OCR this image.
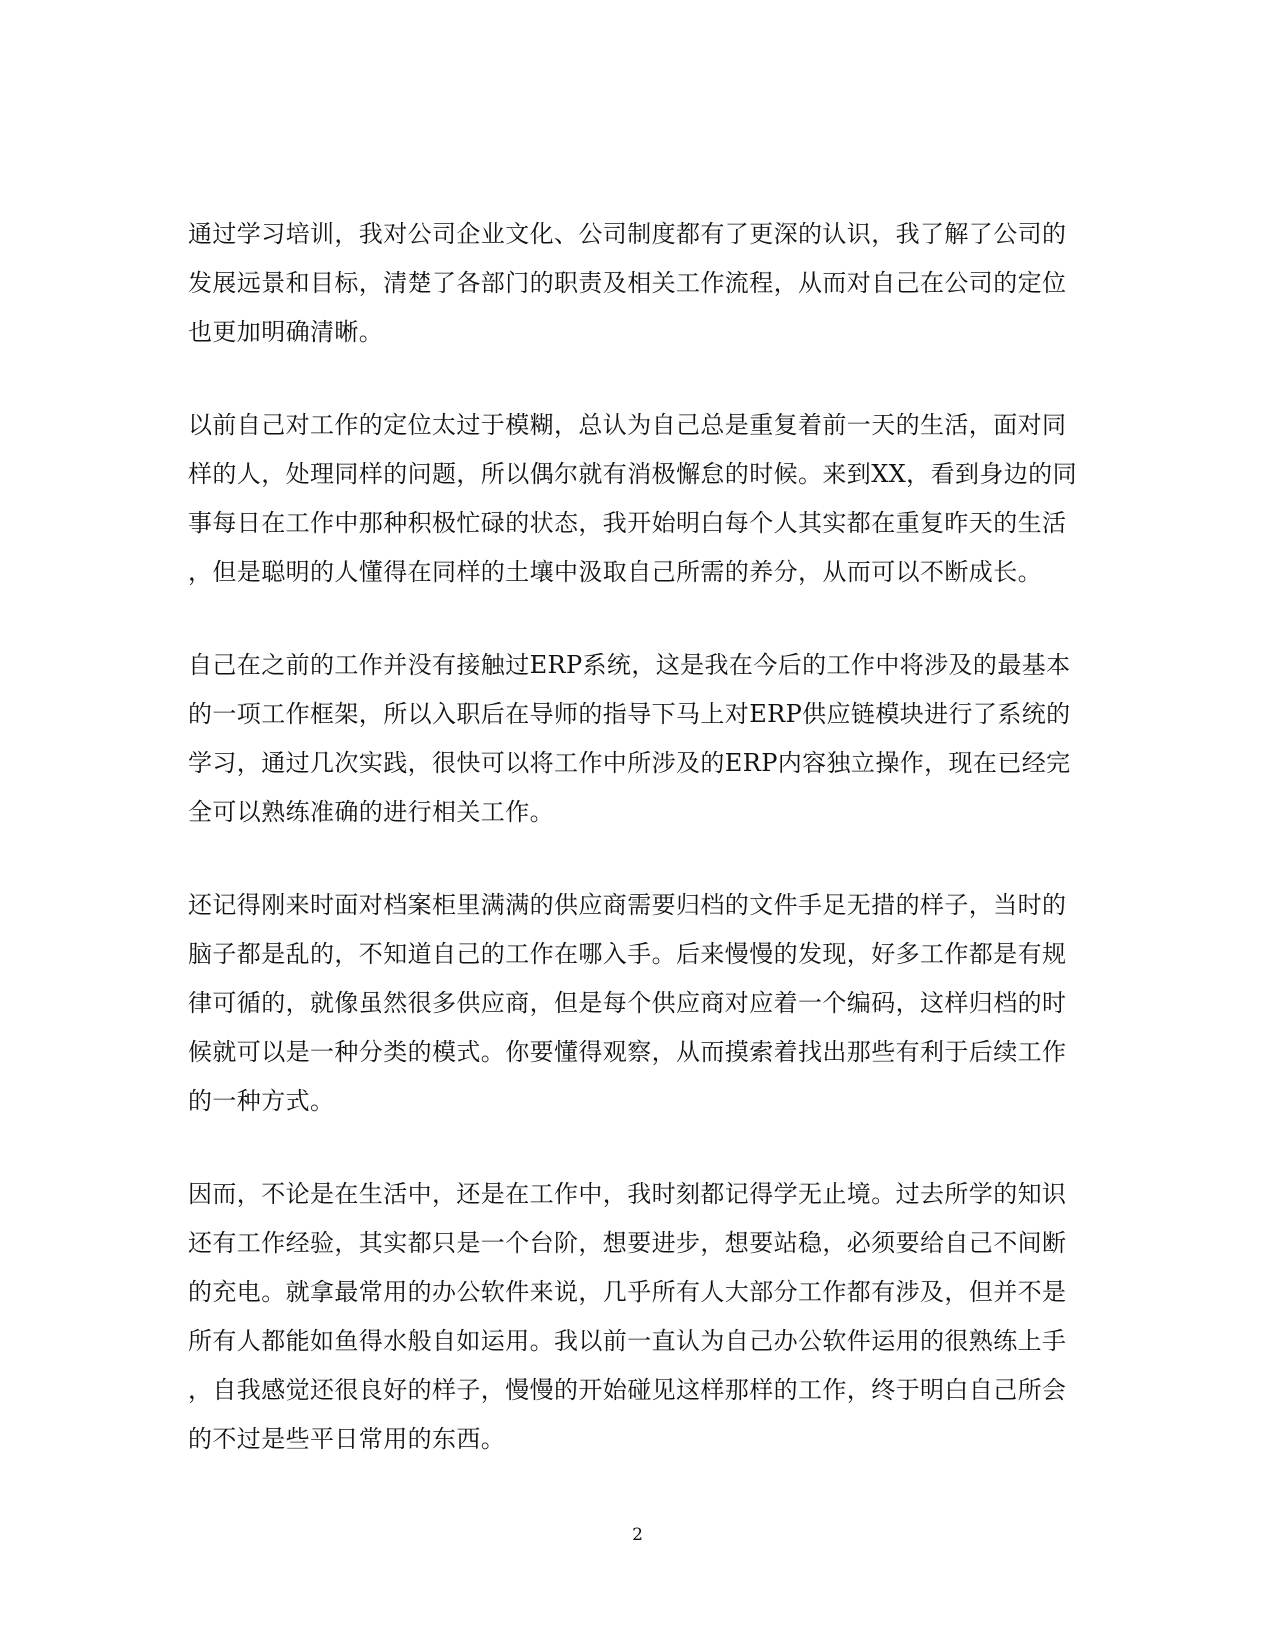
通过学习培训，我对公司企业文化、公司制度都有了更深的认识，我了解了公司的
发展远景和目标，清楚了各部门的职责及相关工作流程，从而对自己在公司的定位
也更加明确清晰。

以前自己对工作的定位太过于模糊，总认为自己总是重复着前一天的生活，面对同
样的人，处理同样的问题，所以偶尔就有消极懈怠的时候。来到XX，看到身边的同
事每日在工作中那种积极忙碌的状态，我开始明白每个人其实都在重复昨天的生活
，但是聪明的人懂得在同样的土壤中汲取自己所需的养分，从而可以不断成长。

自己在之前的工作并没有接触过ERP系统，这是我在今后的工作中将涉及的最基本
的一项工作框架，所以入职后在导师的指导下马上对ERP供应链模块进行了系统的
学习，通过几次实践，很快可以将工作中所涉及的ERP内容独立操作，现在已经完
全可以熟练准确的进行相关工作。

还记得刚来时面对档案柜里满满的供应商需要归档的文件手足无措的样子，当时的
脑子都是乱的，不知道自己的工作在哪入手。后来慢慢的发现，好多工作都是有规
律可循的，就像虽然很多供应商，但是每个供应商对应着一个编码，这样归档的时
候就可以是一种分类的模式。你要懂得观察，从而摸索着找出那些有利于后续工作
的一种方式。

因而，不论是在生活中，还是在工作中，我时刻都记得学无止境。过去所学的知识
还有工作经验，其实都只是一个台阶，想要进步，想要站稳，必须要给自己不间断
的充电。就拿最常用的办公软件来说，几乎所有人大部分工作都有涉及，但并不是
所有人都能如鱼得水般自如运用。我以前一直认为自己办公软件运用的很熟练上手
，自我感觉还很良好的样子，慢慢的开始碰见这样那样的工作，终于明白自己所会
的不过是些平日常用的东西。

2
